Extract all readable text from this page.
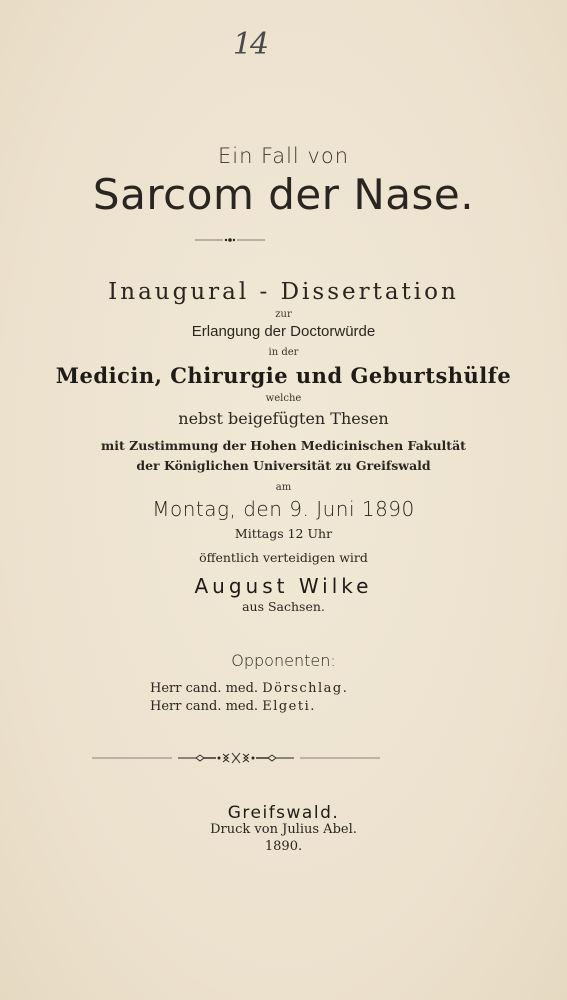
14
Ein Fall von
Sarcom der Nase.
Inaugural - Dissertation
zur
Erlangung der Doctorwürde
in der
Medicin, Chirurgie und Geburtshülfe
welche
nebst beigefügten Thesen
mit Zustimmung der Hohen Medicinischen Fakultät
der Königlichen Universität zu Greifswald
am
Montag, den 9. Juni 1890
Mittags 12 Uhr
öffentlich verteidigen wird
August Wilke
aus Sachsen.
Opponenten:
Herr cand. med. Dörschlag.
Herr cand. med. Elgeti.
Greifswald.
Druck von Julius Abel.
1890.
